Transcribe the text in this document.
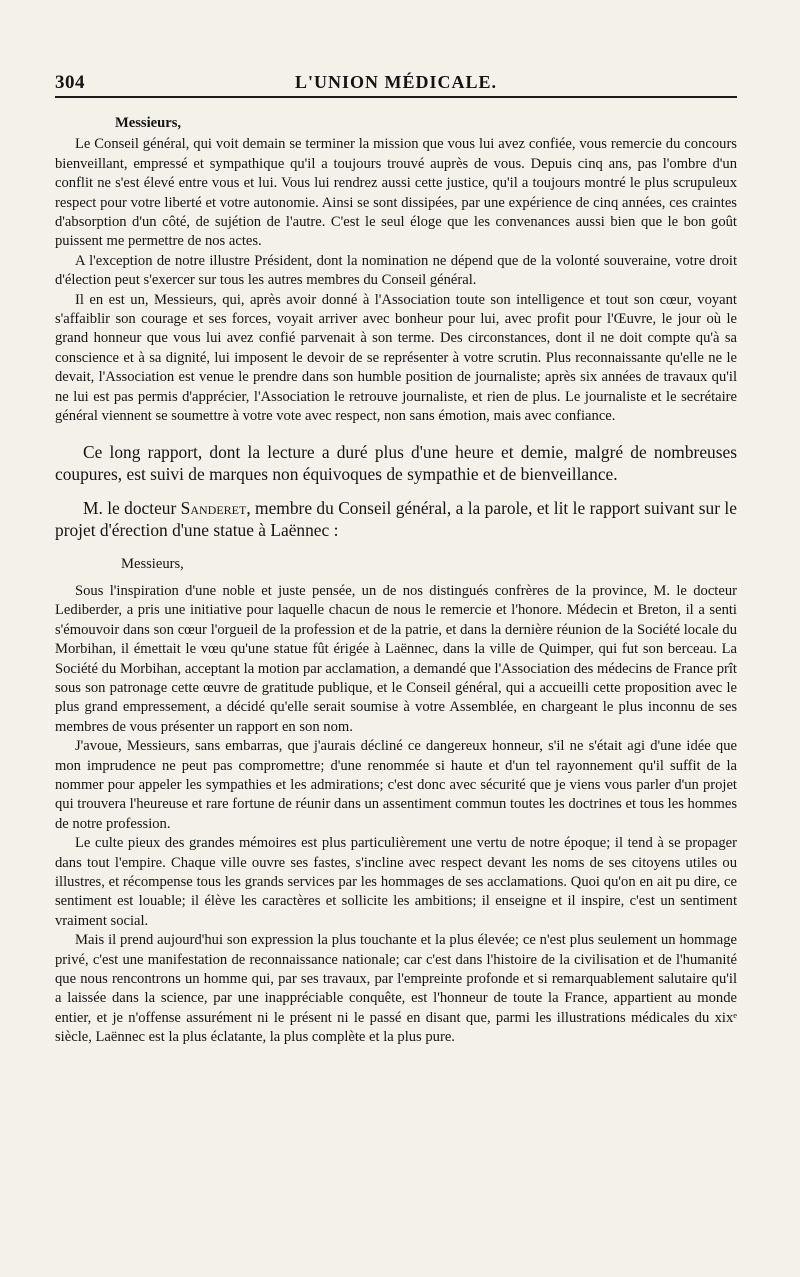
304	L'UNION MÉDICALE.

Messieurs,

Le Conseil général, qui voit demain se terminer la mission que vous lui avez confiée, vous remercie du concours bienveillant, empressé et sympathique qu'il a toujours trouvé auprès de vous. Depuis cinq ans, pas l'ombre d'un conflit ne s'est élevé entre vous et lui. Vous lui rendrez aussi cette justice, qu'il a toujours montré le plus scrupuleux respect pour votre liberté et votre autonomie. Ainsi se sont dissipées, par une expérience de cinq années, ces craintes d'absorption d'un côté, de sujétion de l'autre. C'est le seul éloge que les convenances aussi bien que le bon goût puissent me permettre de nos actes.

A l'exception de notre illustre Président, dont la nomination ne dépend que de la volonté souveraine, votre droit d'élection peut s'exercer sur tous les autres membres du Conseil général.

Il en est un, Messieurs, qui, après avoir donné à l'Association toute son intelligence et tout son cœur, voyant s'affaiblir son courage et ses forces, voyait arriver avec bonheur pour lui, avec profit pour l'Œuvre, le jour où le grand honneur que vous lui avez confié parvenait à son terme. Des circonstances, dont il ne doit compte qu'à sa conscience et à sa dignité, lui imposent le devoir de se représenter à votre scrutin. Plus reconnaissante qu'elle ne le devait, l'Association est venue le prendre dans son humble position de journaliste; après six années de travaux qu'il ne lui est pas permis d'apprécier, l'Association le retrouve journaliste, et rien de plus. Le journaliste et le secrétaire général viennent se soumettre à votre vote avec respect, non sans émotion, mais avec confiance.

Ce long rapport, dont la lecture a duré plus d'une heure et demie, malgré de nombreuses coupures, est suivi de marques non équivoques de sympathie et de bienveillance.

M. le docteur Sanderet, membre du Conseil général, a la parole, et lit le rapport suivant sur le projet d'érection d'une statue à Laënnec :

Messieurs,

Sous l'inspiration d'une noble et juste pensée, un de nos distingués confrères de la province, M. le docteur Lediberder, a pris une initiative pour laquelle chacun de nous le remercie et l'honore. Médecin et Breton, il a senti s'émouvoir dans son cœur l'orgueil de la profession et de la patrie, et dans la dernière réunion de la Société locale du Morbihan, il émettait le vœu qu'une statue fût érigée à Laënnec, dans la ville de Quimper, qui fut son berceau. La Société du Morbihan, acceptant la motion par acclamation, a demandé que l'Association des médecins de France prît sous son patronage cette œuvre de gratitude publique, et le Conseil général, qui a accueilli cette proposition avec le plus grand empressement, a décidé qu'elle serait soumise à votre Assemblée, en chargeant le plus inconnu de ses membres de vous présenter un rapport en son nom.

J'avoue, Messieurs, sans embarras, que j'aurais décliné ce dangereux honneur, s'il ne s'était agi d'une idée que mon imprudence ne peut pas compromettre; d'une renommée si haute et d'un tel rayonnement qu'il suffit de la nommer pour appeler les sympathies et les admirations; c'est donc avec sécurité que je viens vous parler d'un projet qui trouvera l'heureuse et rare fortune de réunir dans un assentiment commun toutes les doctrines et tous les hommes de notre profession.

Le culte pieux des grandes mémoires est plus particulièrement une vertu de notre époque; il tend à se propager dans tout l'empire. Chaque ville ouvre ses fastes, s'incline avec respect devant les noms de ses citoyens utiles ou illustres, et récompense tous les grands services par les hommages de ses acclamations. Quoi qu'on en ait pu dire, ce sentiment est louable; il élève les caractères et sollicite les ambitions; il enseigne et il inspire, c'est un sentiment vraiment social.

Mais il prend aujourd'hui son expression la plus touchante et la plus élevée; ce n'est plus seulement un hommage privé, c'est une manifestation de reconnaissance nationale; car c'est dans l'histoire de la civilisation et de l'humanité que nous rencontrons un homme qui, par ses travaux, par l'empreinte profonde et si remarquablement salutaire qu'il a laissée dans la science, par une inappréciable conquête, est l'honneur de toute la France, appartient au monde entier, et je n'offense assurément ni le présent ni le passé en disant que, parmi les illustrations médicales du xixᵉ siècle, Laënnec est la plus éclatante, la plus complète et la plus pure.
